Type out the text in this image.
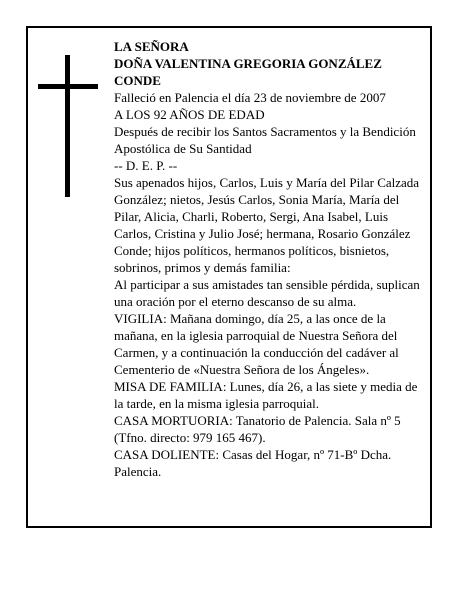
LA SEÑORA

DOÑA VALENTINA GREGORIA GONZÁLEZ CONDE

Falleció en Palencia el día 23 de noviembre de 2007

A LOS 92 AÑOS DE EDAD

Después de recibir los Santos Sacramentos y la Bendición Apostólica de Su Santidad

-- D. E. P. --

Sus apenados hijos, Carlos, Luis y María del Pilar Calzada González; nietos, Jesús Carlos, Sonia María, María del Pilar, Alicia, Charli, Roberto, Sergi, Ana Isabel, Luis Carlos, Cristina y Julio José; hermana, Rosario González Conde; hijos políticos, hermanos políticos, bisnietos, sobrinos, primos y demás familia:

Al participar a sus amistades tan sensible pérdida, suplican una oración por el eterno descanso de su alma.

VIGILIA: Mañana domingo, día 25, a las once de la mañana, en la iglesia parroquial de Nuestra Señora del Carmen, y a continuación la conducción del cadáver al Cementerio de «Nuestra Señora de los Ángeles».

MISA DE FAMILIA: Lunes, día 26, a las siete y media de la tarde, en la misma iglesia parroquial.

CASA MORTUORIA: Tanatorio de Palencia. Sala nº 5 (Tfno. directo: 979 165 467).

CASA DOLIENTE: Casas del Hogar, nº 71-Bº Dcha. Palencia.
